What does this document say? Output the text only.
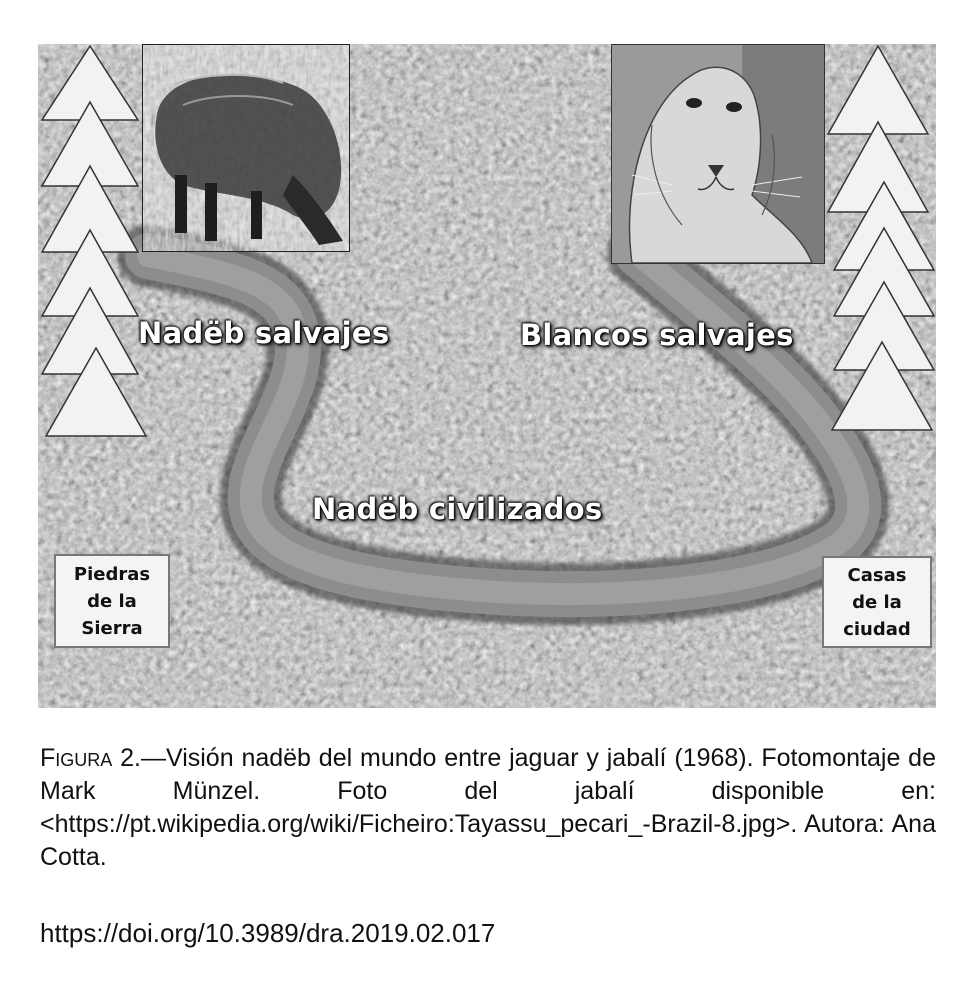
Nadëb salvajes	Blancos salvajes
Nadëb civilizados
Piedras
de la
Sierra
Casas
de la
ciudad

Figura 2.—Visión nadëb del mundo entre jaguar y jabalí (1968). Fotomontaje de Mark Münzel. Foto del jabalí disponible en: <https://pt.wikipedia.org/wiki/Ficheiro:Tayassu_pecari_-Brazil-8.jpg>. Autora: Ana Cotta.

https://doi.org/10.3989/dra.2019.02.017
